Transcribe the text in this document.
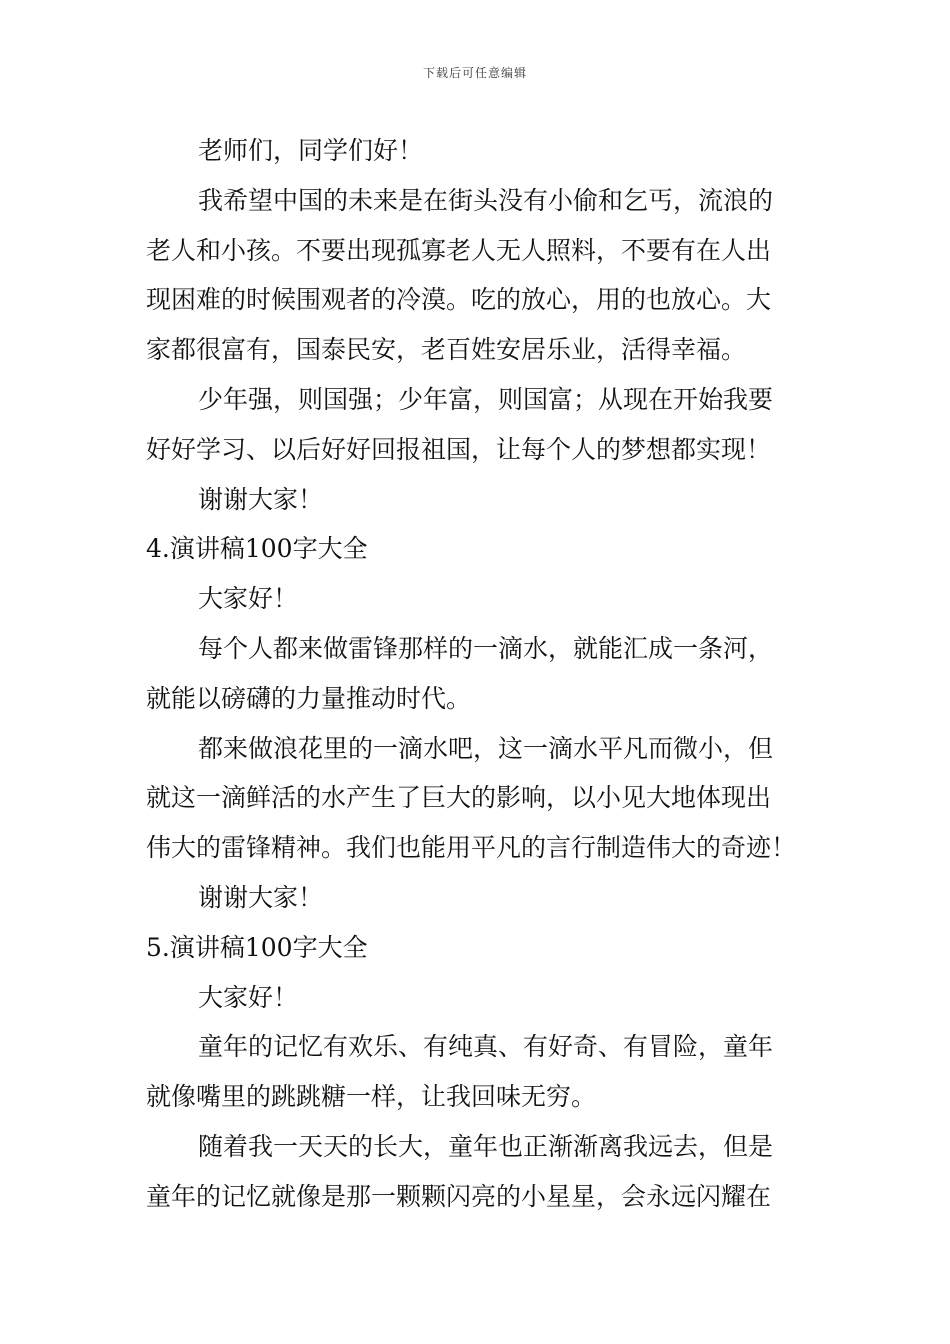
下载后可任意编辑

老师们，同学们好！

我希望中国的未来是在街头没有小偷和乞丐，流浪的

老人和小孩。不要出现孤寡老人无人照料，不要有在人出

现困难的时候围观者的冷漠。吃的放心，用的也放心。大

家都很富有，国泰民安，老百姓安居乐业，活得幸福。

少年强，则国强；少年富，则国富；从现在开始我要

好好学习、以后好好回报祖国，让每个人的梦想都实现！

谢谢大家！

4.演讲稿100字大全

大家好！

每个人都来做雷锋那样的一滴水，就能汇成一条河，

就能以磅礴的力量推动时代。

都来做浪花里的一滴水吧，这一滴水平凡而微小，但

就这一滴鲜活的水产生了巨大的影响，以小见大地体现出

伟大的雷锋精神。我们也能用平凡的言行制造伟大的奇迹！

谢谢大家！

5.演讲稿100字大全

大家好！

童年的记忆有欢乐、有纯真、有好奇、有冒险，童年

就像嘴里的跳跳糖一样，让我回味无穷。

随着我一天天的长大，童年也正渐渐离我远去，但是

童年的记忆就像是那一颗颗闪亮的小星星，会永远闪耀在
